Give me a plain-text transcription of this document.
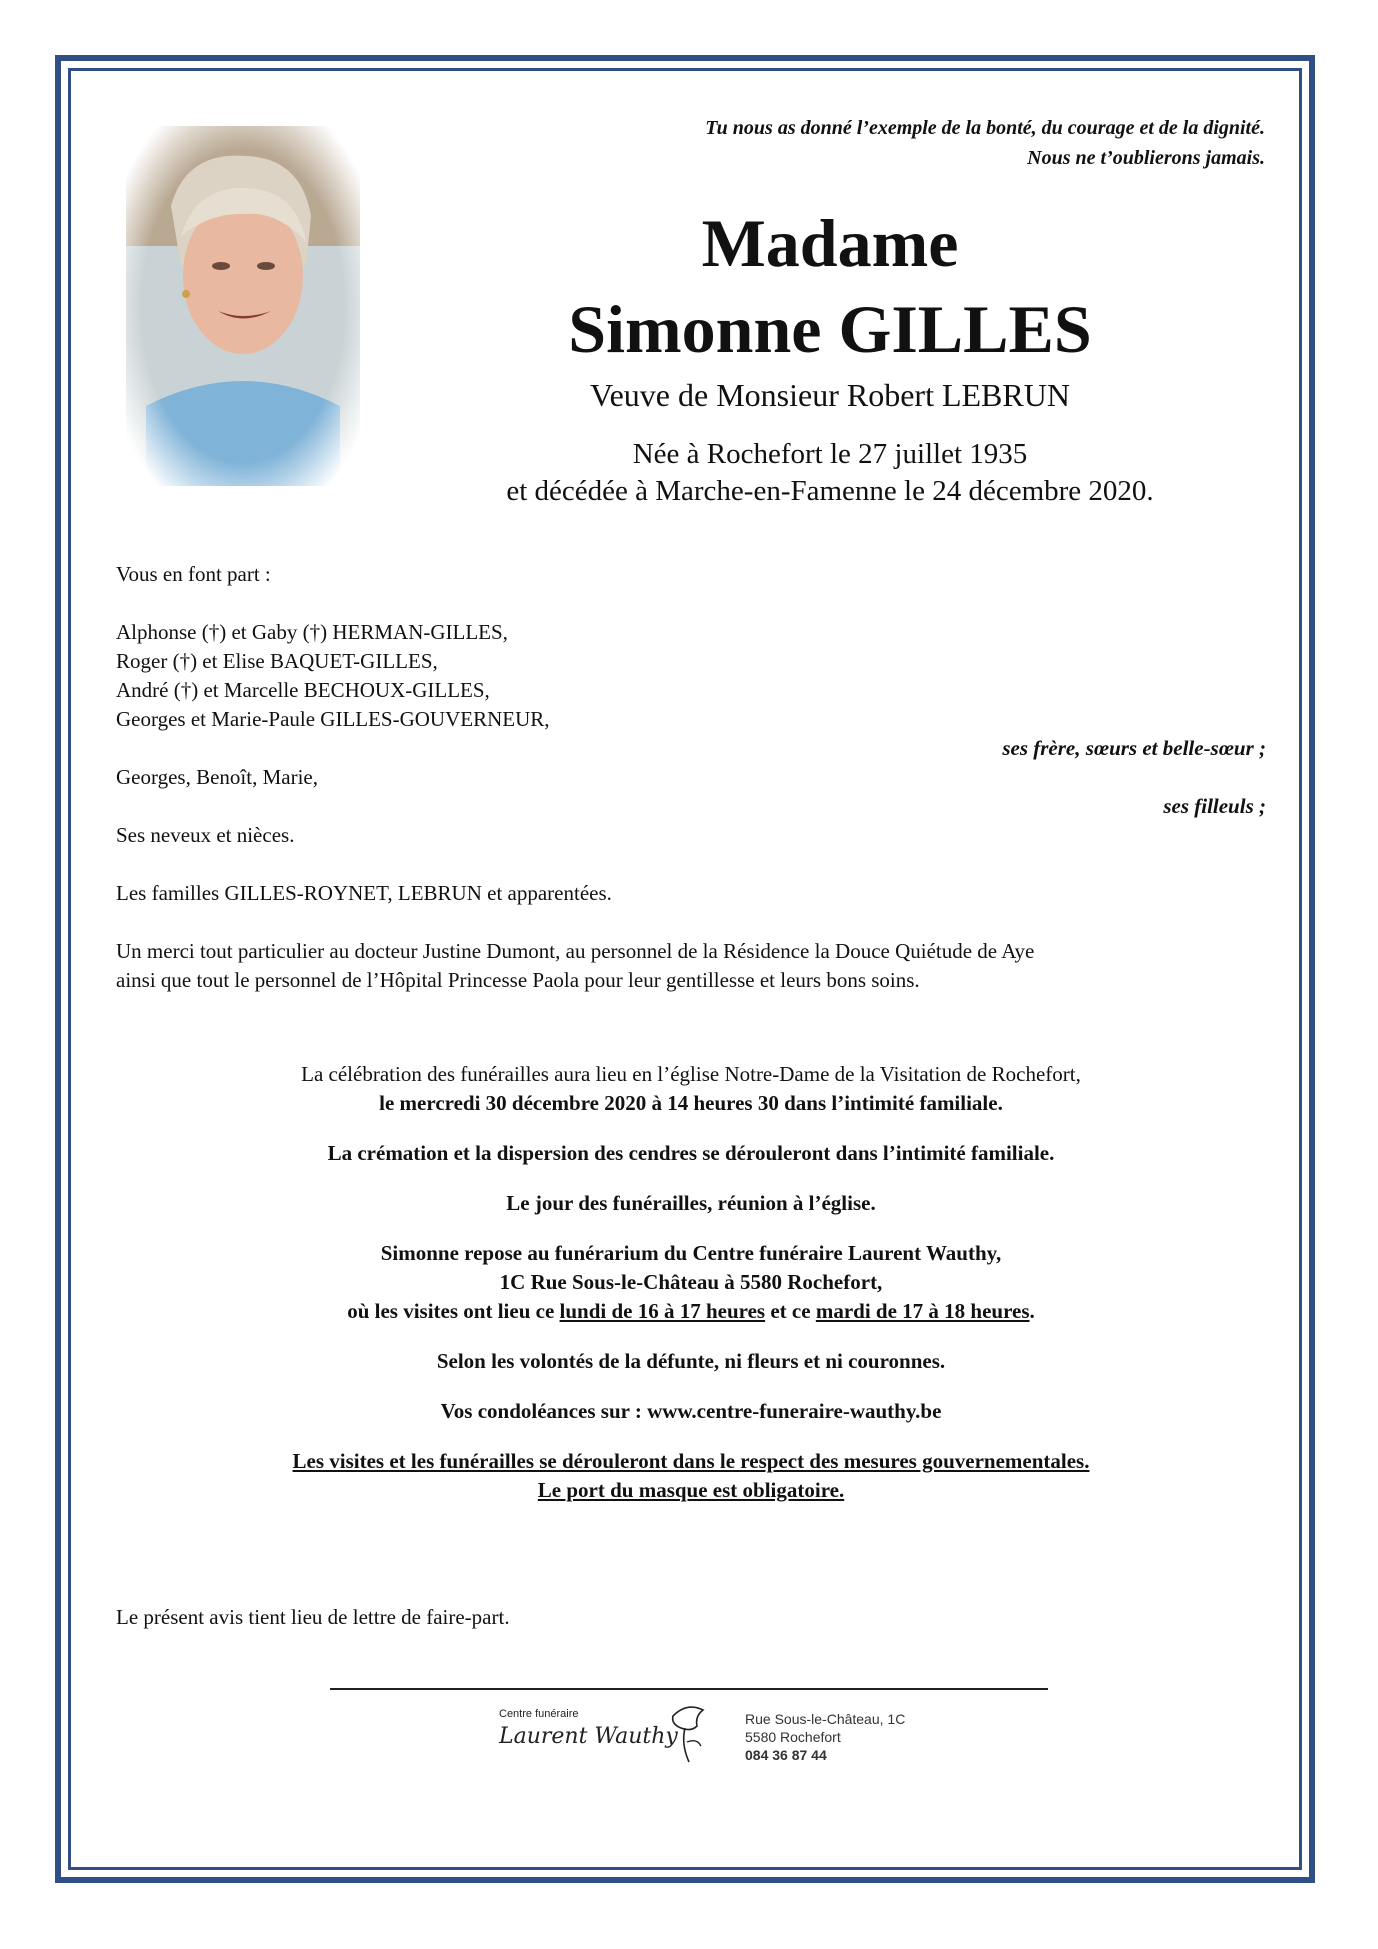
Tu nous as donné l’exemple de la bonté, du courage et de la dignité.
Nous ne t’oublierons jamais.
Madame
Simonne GILLES
Veuve de Monsieur Robert LEBRUN
Née à Rochefort le 27 juillet 1935
et décédée à Marche-en-Famenne le 24 décembre 2020.

Vous en font part :

Alphonse (†) et Gaby (†) HERMAN-GILLES,

Roger (†) et Elise BAQUET-GILLES,

André (†) et Marcelle BECHOUX-GILLES,

Georges et Marie-Paule GILLES-GOUVERNEUR,

ses frère, sœurs et belle-sœur ;

Georges, Benoît, Marie,

ses filleuls ;

Ses neveux et nièces.

Les familles GILLES-ROYNET, LEBRUN et apparentées.

Un merci tout particulier au docteur Justine Dumont, au personnel de la Résidence la Douce Quiétude de Aye

ainsi que tout le personnel de l’Hôpital Princesse Paola pour leur gentillesse et leurs bons soins.

La célébration des funérailles aura lieu en l’église Notre-Dame de la Visitation de Rochefort,

le mercredi 30 décembre 2020 à 14 heures 30 dans l’intimité familiale.

La crémation et la dispersion des cendres se dérouleront dans l’intimité familiale.

Le jour des funérailles, réunion à l’église.

Simonne repose au funérarium du Centre funéraire Laurent Wauthy,

1C Rue Sous-le-Château à 5580 Rochefort,

où les visites ont lieu ce lundi de 16 à 17 heures et ce mardi de 17 à 18 heures.

Selon les volontés de la défunte, ni fleurs et ni couronnes.

Vos condoléances sur : www.centre-funeraire-wauthy.be

Les visites et les funérailles se dérouleront dans le respect des mesures gouvernementales.

Le port du masque est obligatoire.

Le présent avis tient lieu de lettre de faire-part.
Centre funéraire
Laurent Wauthy
Rue Sous-le-Château, 1C
5580 Rochefort
084 36 87 44
